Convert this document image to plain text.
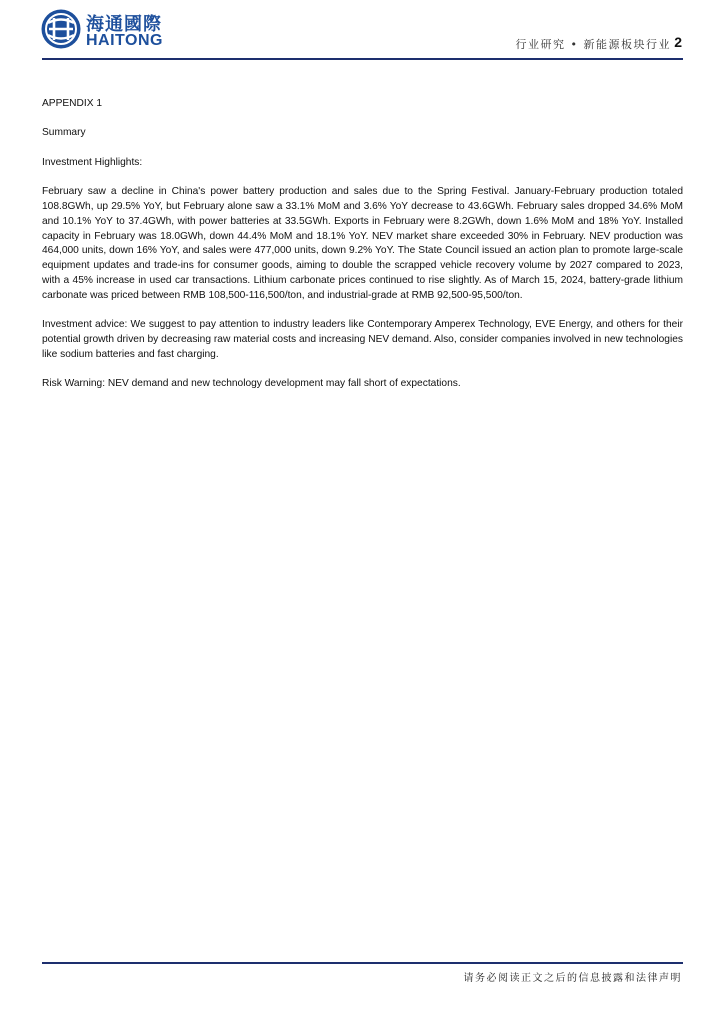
海通國際
HAITONG	行业研究 • 新能源板块行业 2

APPENDIX 1

Summary

Investment Highlights:

February saw a decline in China's power battery production and sales due to the Spring Festival. January-February production totaled 108.8GWh, up 29.5% YoY, but February alone saw a 33.1% MoM and 3.6% YoY decrease to 43.6GWh. February sales dropped 34.6% MoM and 10.1% YoY to 37.4GWh, with power batteries at 33.5GWh. Exports in February were 8.2GWh, down 1.6% MoM and 18% YoY. Installed capacity in February was 18.0GWh, down 44.4% MoM and 18.1% YoY. NEV market share exceeded 30% in February. NEV production was 464,000 units, down 16% YoY, and sales were 477,000 units, down 9.2% YoY. The State Council issued an action plan to promote large-scale equipment updates and trade-ins for consumer goods, aiming to double the scrapped vehicle recovery volume by 2027 compared to 2023, with a 45% increase in used car transactions. Lithium carbonate prices continued to rise slightly. As of March 15, 2024, battery-grade lithium carbonate was priced between RMB 108,500-116,500/ton, and industrial-grade at RMB 92,500-95,500/ton.

Investment advice: We suggest to pay attention to industry leaders like Contemporary Amperex Technology, EVE Energy, and others for their potential growth driven by decreasing raw material costs and increasing NEV demand. Also, consider companies involved in new technologies like sodium batteries and fast charging.

Risk Warning: NEV demand and new technology development may fall short of expectations.

请务必阅读正文之后的信息披露和法律声明
